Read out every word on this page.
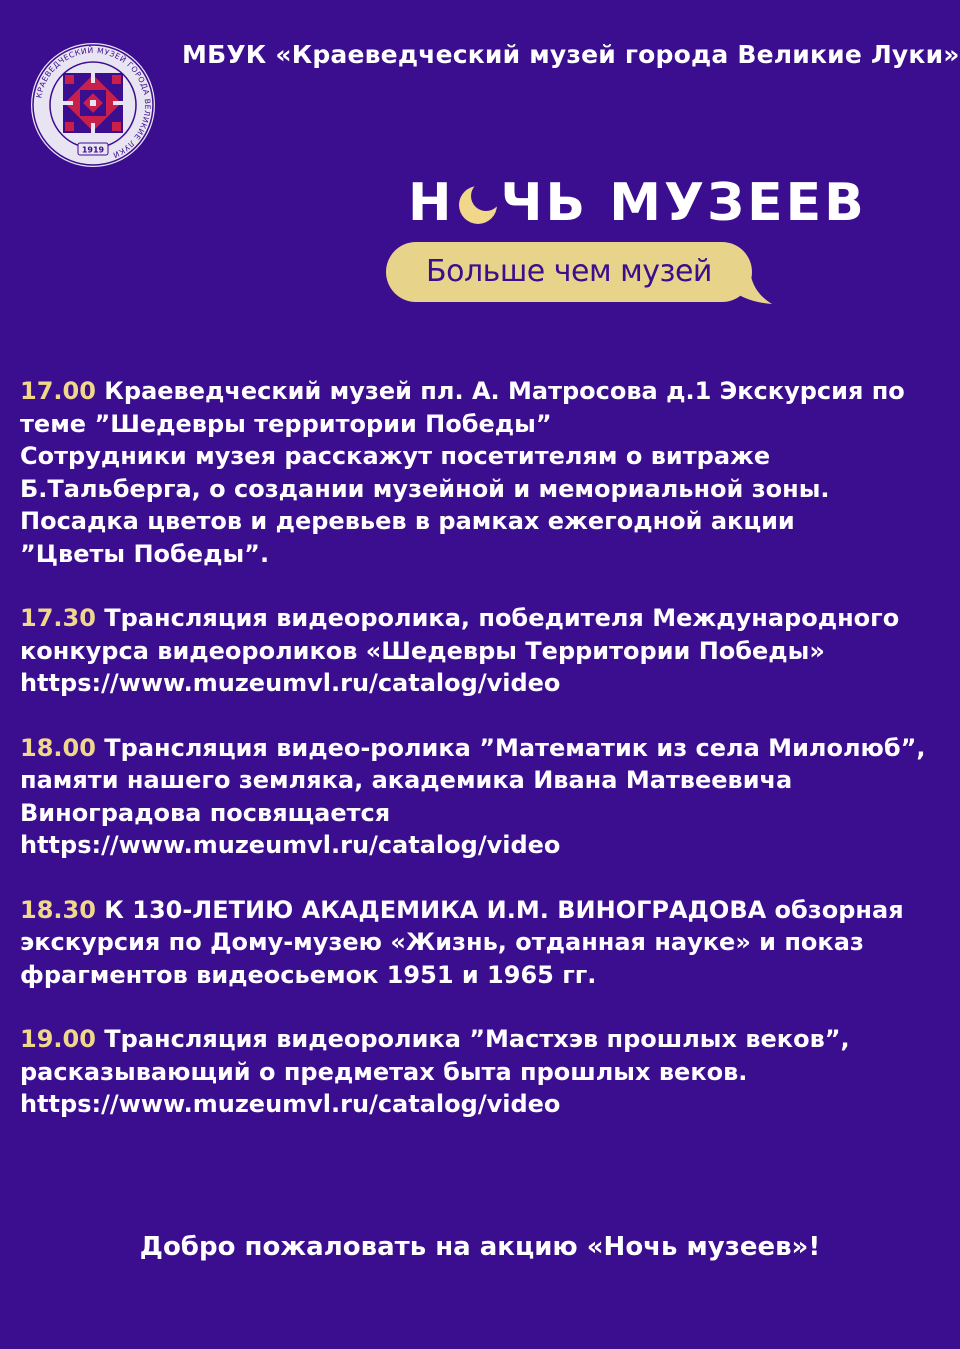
КРАЕВЕДЧЕСКИЙ МУЗЕЙ ГОРОДА ВЕЛИКИЕ ЛУКИ
1919
МБУК «Краеведческий музей города Великие Луки»
Н ЧЬ МУЗЕЕВ
Больше чем музей
17.00 Краеведческий музей пл. А. Матросова д.1 Экскурсия по
теме ”Шедевры территории Победы”
Сотрудники музея расскажут посетителям о витраже
Б.Тальберга, о создании музейной и мемориальной зоны.
Посадка цветов и деревьев в рамках ежегодной акции
”Цветы Победы”.
17.30 Трансляция видеоролика, победителя Международного
конкурса видеороликов «Шедевры Территории Победы»
https://www.muzeumvl.ru/catalog/video
18.00 Трансляция видео-ролика ”Математик из села Милолюб”,
памяти нашего земляка, академика Ивана Матвеевича
Виноградова посвящается
https://www.muzeumvl.ru/catalog/video
18.30 К 130-ЛЕТИЮ АКАДЕМИКА И.М. ВИНОГРАДОВА обзорная
экскурсия по Дому-музею «Жизнь, отданная науке» и показ
фрагментов видеосьемок 1951 и 1965 гг.
19.00 Трансляция видеоролика ”Мастхэв прошлых веков”,
расказывающий о предметах быта прошлых веков.
https://www.muzeumvl.ru/catalog/video
Добро пожаловать на акцию «Ночь музеев»!
